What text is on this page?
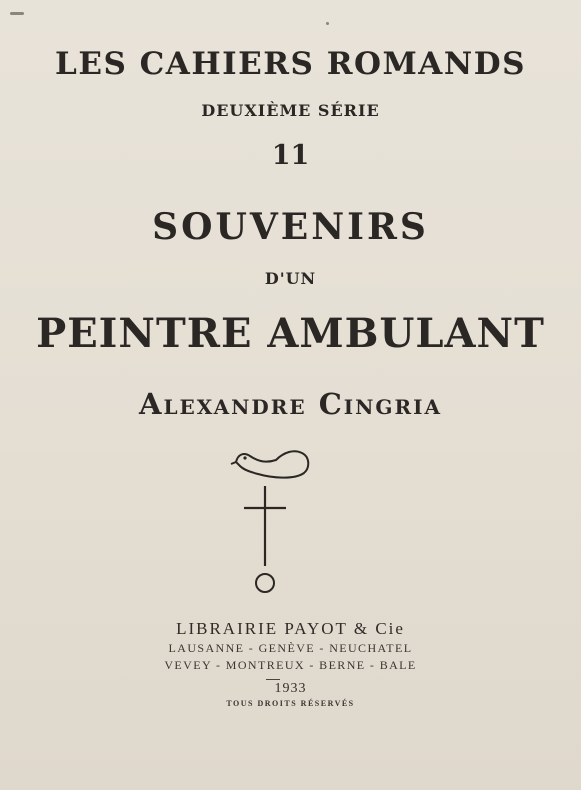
LES CAHIERS ROMANDS
DEUXIÈME SÉRIE
11
SOUVENIRS
D'UN
PEINTRE AMBULANT
Alexandre Cingria
LIBRAIRIE PAYOT & Cie
LAUSANNE - GENÈVE - NEUCHATEL
VEVEY - MONTREUX - BERNE - BALE
1933
TOUS DROITS RÉSERVÉS
